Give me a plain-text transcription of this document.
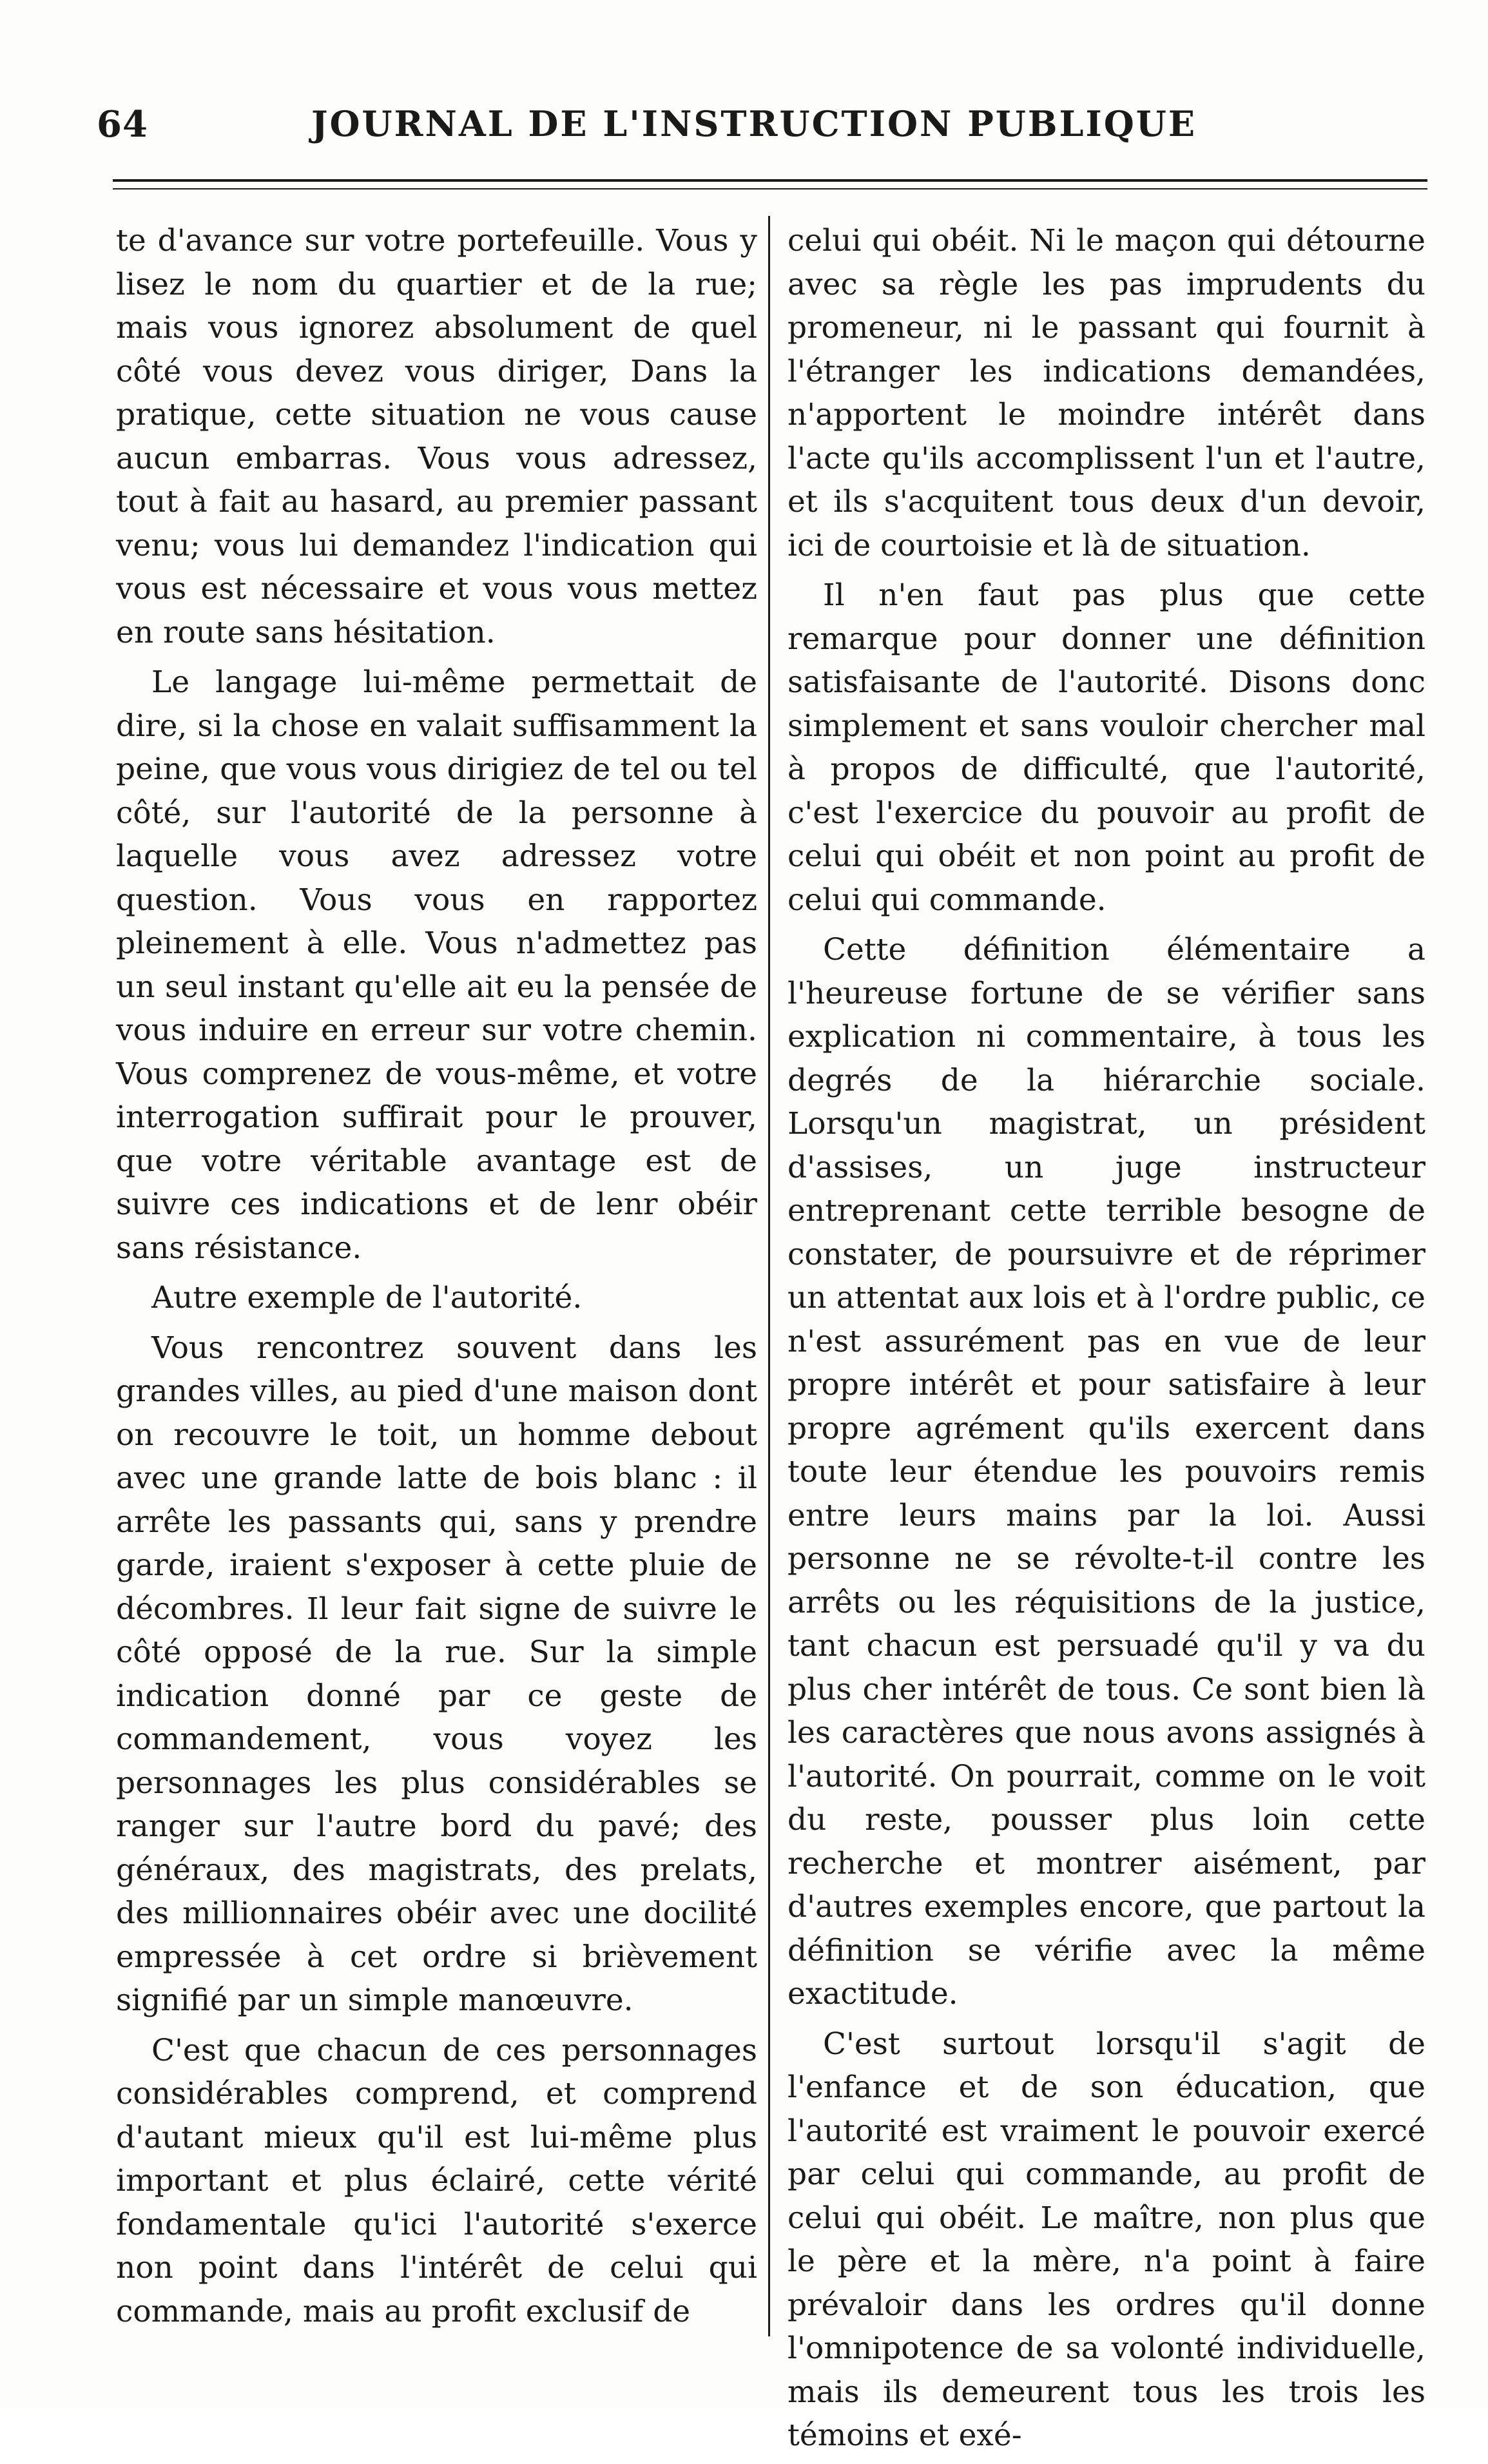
64	JOURNAL DE L'INSTRUCTION PUBLIQUE

te d'avance sur votre portefeuille. Vous y lisez le nom du quartier et de la rue; mais vous ignorez absolument de quel côté vous devez vous diriger, Dans la pratique, cette situation ne vous cause aucun embarras. Vous vous adressez, tout à fait au hasard, au premier passant venu; vous lui demandez l'indication qui vous est nécessaire et vous vous mettez en route sans hésitation.

Le langage lui-même permettait de dire, si la chose en valait suffisamment la peine, que vous vous dirigiez de tel ou tel côté, sur l'autorité de la personne à laquelle vous avez adressez votre question. Vous vous en rapportez pleinement à elle. Vous n'admettez pas un seul instant qu'elle ait eu la pensée de vous induire en erreur sur votre chemin. Vous comprenez de vous-même, et votre interrogation suffirait pour le prouver, que votre véritable avantage est de suivre ces indications et de lenr obéir sans résistance.

Autre exemple de l'autorité.

Vous rencontrez souvent dans les grandes villes, au pied d'une maison dont on recouvre le toit, un homme debout avec une grande latte de bois blanc : il arrête les passants qui, sans y prendre garde, iraient s'exposer à cette pluie de décombres. Il leur fait signe de suivre le côté opposé de la rue. Sur la simple indication donné par ce geste de commandement, vous voyez les personnages les plus considérables se ranger sur l'autre bord du pavé; des généraux, des magistrats, des prelats, des millionnaires obéir avec une docilité empressée à cet ordre si brièvement signifié par un simple manœuvre.

C'est que chacun de ces personnages considérables comprend, et comprend d'autant mieux qu'il est lui-même plus important et plus éclairé, cette vérité fondamentale qu'ici l'autorité s'exerce non point dans l'intérêt de celui qui commande, mais au profit exclusif de

celui qui obéit. Ni le maçon qui détourne avec sa règle les pas imprudents du promeneur, ni le passant qui fournit à l'étranger les indications demandées, n'apportent le moindre intérêt dans l'acte qu'ils accomplissent l'un et l'autre, et ils s'acquitent tous deux d'un devoir, ici de courtoisie et là de situation.

Il n'en faut pas plus que cette remarque pour donner une définition satisfaisante de l'autorité. Disons donc simplement et sans vouloir chercher mal à propos de difficulté, que l'autorité, c'est l'exercice du pouvoir au profit de celui qui obéit et non point au profit de celui qui commande.

Cette définition élémentaire a l'heureuse fortune de se vérifier sans explication ni commentaire, à tous les degrés de la hiérarchie sociale. Lorsqu'un magistrat, un président d'assises, un juge instructeur entreprenant cette terrible besogne de constater, de poursuivre et de réprimer un attentat aux lois et à l'ordre public, ce n'est assurément pas en vue de leur propre intérêt et pour satisfaire à leur propre agrément qu'ils exercent dans toute leur étendue les pouvoirs remis entre leurs mains par la loi. Aussi personne ne se révolte-t-il contre les arrêts ou les réquisitions de la justice, tant chacun est persuadé qu'il y va du plus cher intérêt de tous. Ce sont bien là les caractères que nous avons assignés à l'autorité. On pourrait, comme on le voit du reste, pousser plus loin cette recherche et montrer aisément, par d'autres exemples encore, que partout la définition se vérifie avec la même exactitude.

C'est surtout lorsqu'il s'agit de l'enfance et de son éducation, que l'autorité est vraiment le pouvoir exercé par celui qui commande, au profit de celui qui obéit. Le maître, non plus que le père et la mère, n'a point à faire prévaloir dans les ordres qu'il donne l'omnipotence de sa volonté individuelle, mais ils demeurent tous les trois les témoins et exé-
